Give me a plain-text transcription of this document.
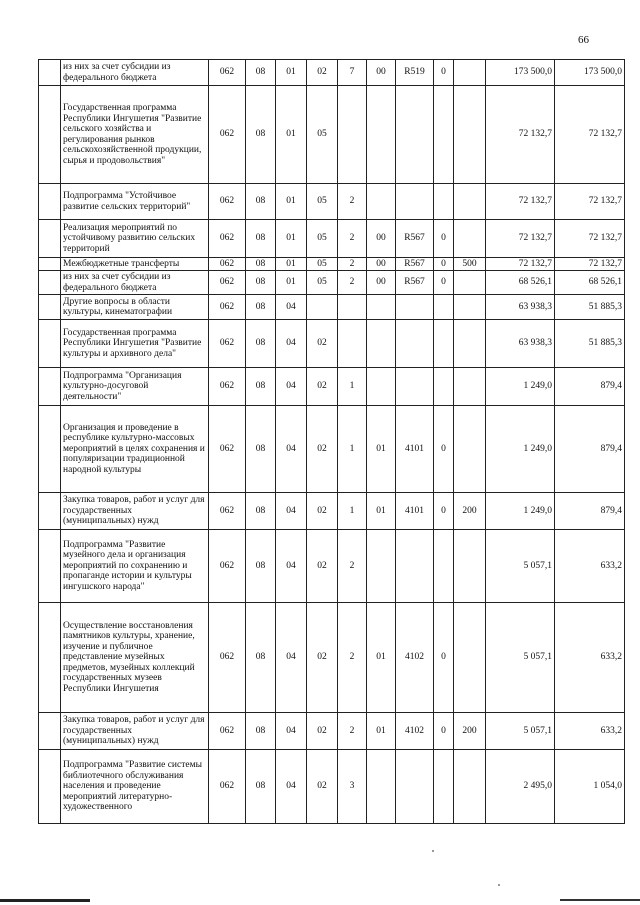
66
	из них за счет субсидии из федерального бюджета	062	08	01	02	7	00	R519	0		173 500,0	173 500,0
	Государственная программа Республики Ингушетия "Развитие сельского хозяйства и регулирования рынков сельскохозяйственной продукции, сырья и продовольствия"	062	08	01	05						72 132,7	72 132,7
	Подпрограмма "Устойчивое развитие сельских территорий"	062	08	01	05	2					72 132,7	72 132,7
	Реализация мероприятий по устойчивому развитию сельских территорий	062	08	01	05	2	00	R567	0		72 132,7	72 132,7
	Межбюджетные трансферты	062	08	01	05	2	00	R567	0	500	72 132,7	72 132,7
	из них за счет субсидии из федерального бюджета	062	08	01	05	2	00	R567	0		68 526,1	68 526,1
	Другие вопросы в области культуры, кинематографии	062	08	04							63 938,3	51 885,3
	Государственная программа Республики Ингушетия "Развитие культуры и архивного дела"	062	08	04	02						63 938,3	51 885,3
	Подпрограмма "Организация культурно-досуговой деятельности"	062	08	04	02	1					1 249,0	879,4
	Организация и проведение в республике культурно-массовых мероприятий в целях сохранения и популяризации традиционной народной культуры	062	08	04	02	1	01	4101	0		1 249,0	879,4
	Закупка товаров, работ и услуг для государственных (муниципальных) нужд	062	08	04	02	1	01	4101	0	200	1 249,0	879,4
	Подпрограмма "Развитие музейного дела и организация мероприятий по сохранению и пропаганде истории и культуры ингушского народа"	062	08	04	02	2					5 057,1	633,2
	Осуществление восстановления памятников культуры, хранение, изучение и публичное представление музейных предметов, музейных коллекций государственных музеев Республики Ингушетия	062	08	04	02	2	01	4102	0		5 057,1	633,2
	Закупка товаров, работ и услуг для государственных (муниципальных) нужд	062	08	04	02	2	01	4102	0	200	5 057,1	633,2
	Подпрограмма "Развитие системы библиотечного обслуживания населения и проведение мероприятий литературно-художественного	062	08	04	02	3					2 495,0	1 054,0
